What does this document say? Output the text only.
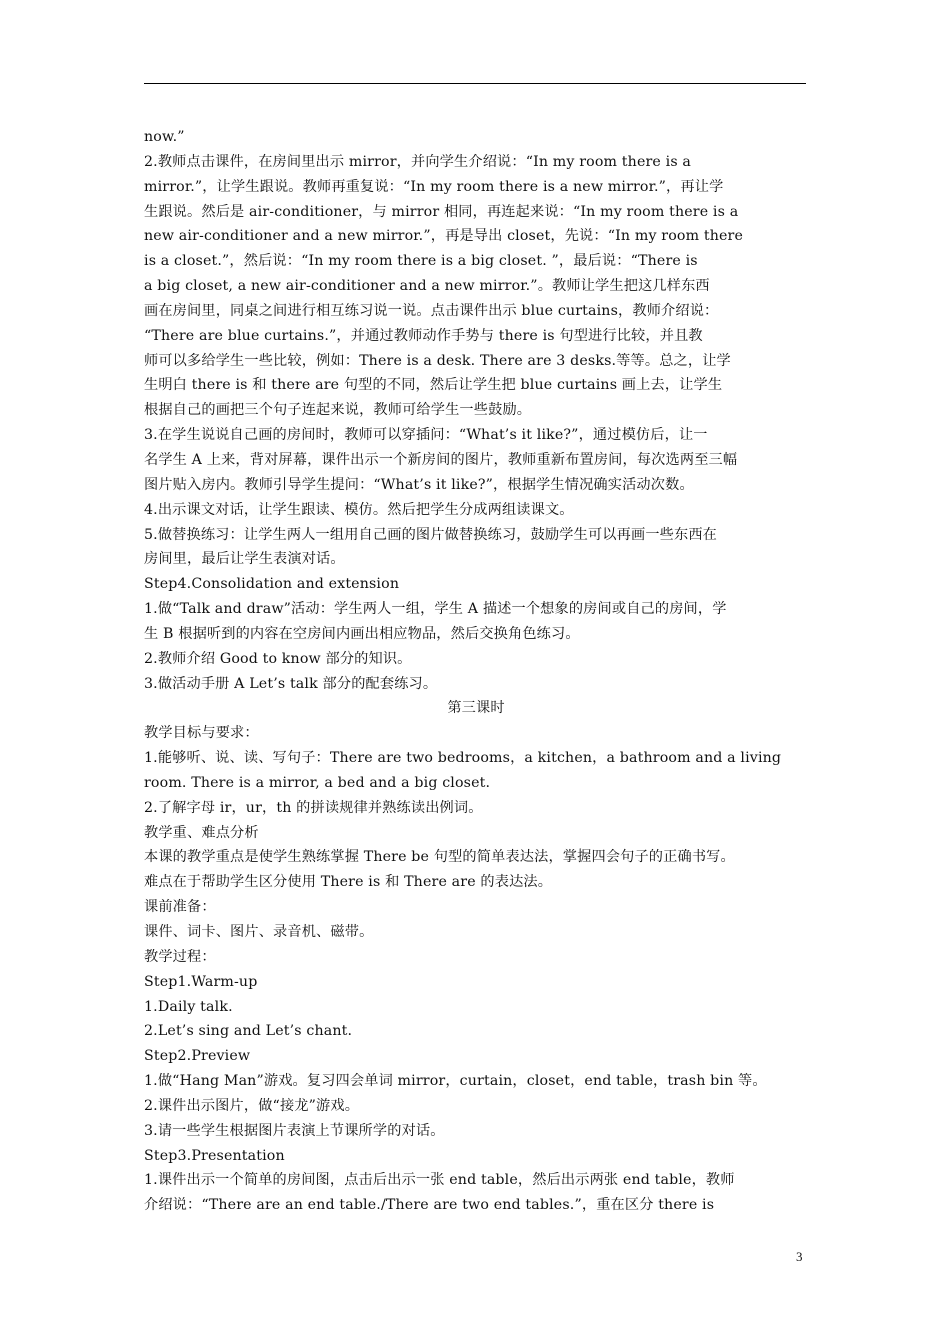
now.”
2.教师点击课件，在房间里出示 mirror，并向学生介绍说：“In my room there is a
mirror.”，让学生跟说。教师再重复说：“In my room there is a new mirror.”，再让学
生跟说。然后是 air-conditioner，与 mirror 相同，再连起来说：“In my room there is a
new air-conditioner and a new mirror.”，再是导出 closet，先说：“In my room there
is a closet.”，然后说：“In my room there is a big closet. ”，最后说：“There is
a big closet, a new air-conditioner and a new mirror.”。教师让学生把这几样东西
画在房间里，同桌之间进行相互练习说一说。点击课件出示 blue curtains，教师介绍说：
“There are blue curtains.”，并通过教师动作手势与 there is 句型进行比较，并且教
师可以多给学生一些比较，例如：There is a desk. There are 3 desks.等等。总之，让学
生明白 there is 和 there are 句型的不同，然后让学生把 blue curtains 画上去，让学生
根据自己的画把三个句子连起来说，教师可给学生一些鼓励。
3.在学生说说自己画的房间时，教师可以穿插问：“What’s it like?”，通过模仿后，让一
名学生 A 上来，背对屏幕，课件出示一个新房间的图片，教师重新布置房间，每次选两至三幅
图片贴入房内。教师引导学生提问：“What’s it like?”，根据学生情况确实活动次数。
4.出示课文对话，让学生跟读、模仿。然后把学生分成两组读课文。
5.做替换练习：让学生两人一组用自己画的图片做替换练习，鼓励学生可以再画一些东西在
房间里，最后让学生表演对话。
Step4.Consolidation and extension
1.做“Talk and draw”活动：学生两人一组，学生 A 描述一个想象的房间或自己的房间，学
生 B 根据听到的内容在空房间内画出相应物品，然后交换角色练习。
2.教师介绍 Good to know 部分的知识。
3.做活动手册 A Let’s talk 部分的配套练习。
第三课时
教学目标与要求：
1.能够听、说、读、写句子：There are two bedrooms，a kitchen，a bathroom and a living
room. There is a mirror, a bed and a big closet.
2.了解字母 ir，ur，th 的拼读规律并熟练读出例词。
教学重、难点分析
本课的教学重点是使学生熟练掌握 There be 句型的简单表达法，掌握四会句子的正确书写。
难点在于帮助学生区分使用 There is 和 There are 的表达法。
课前准备：
课件、词卡、图片、录音机、磁带。
教学过程：
Step1.Warm-up
1.Daily talk.
2.Let’s sing and Let’s chant.
Step2.Preview
1.做“Hang Man”游戏。复习四会单词 mirror，curtain，closet，end table，trash bin 等。
2.课件出示图片，做“接龙”游戏。
3.请一些学生根据图片表演上节课所学的对话。
Step3.Presentation
1.课件出示一个简单的房间图，点击后出示一张 end table，然后出示两张 end table，教师
介绍说：“There are an end table./There are two end tables.”，重在区分 there is
3
